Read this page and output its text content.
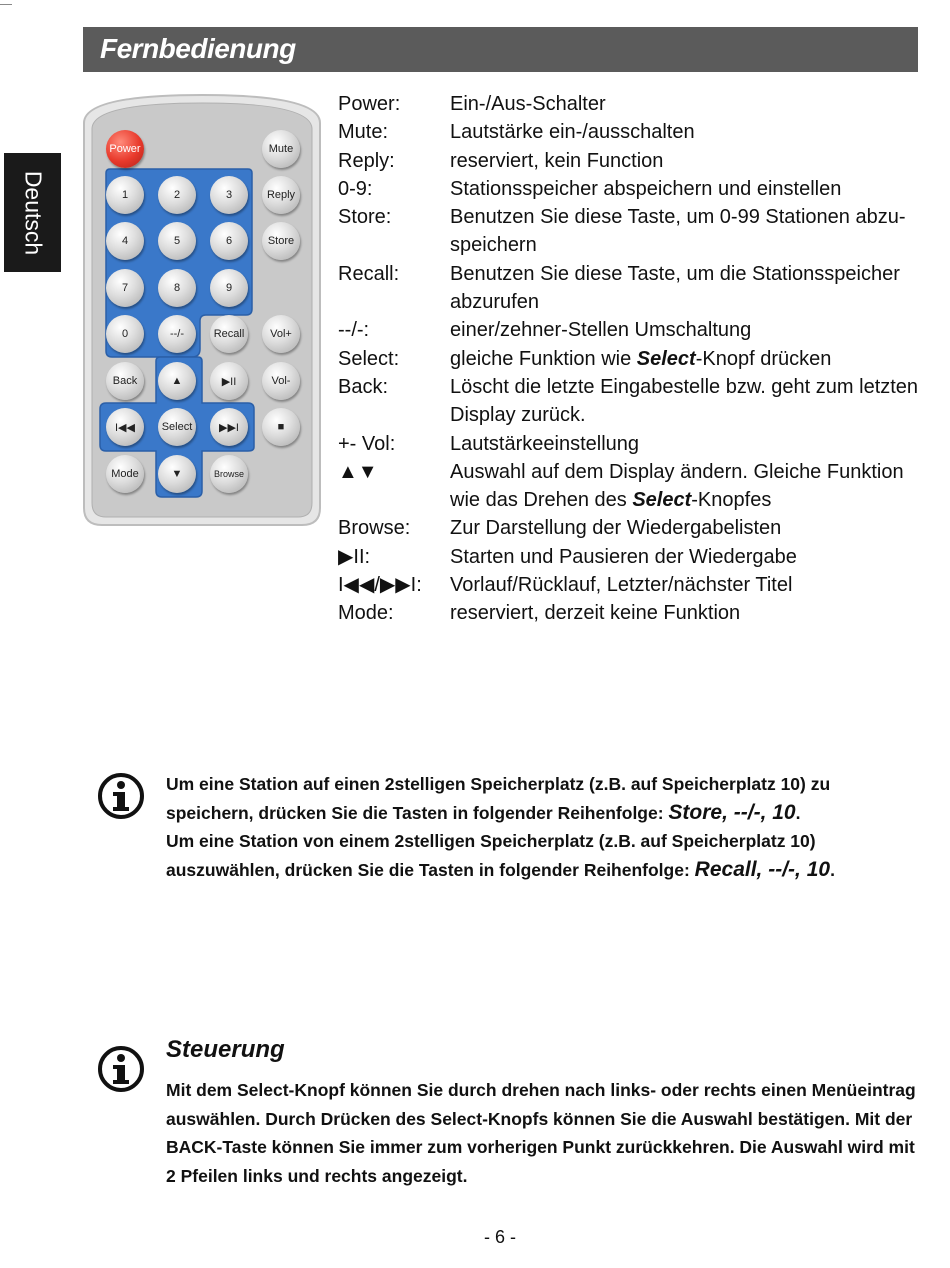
Deutsch
Fernbedienung
Power	Mute
1	2	3	Reply
4	5	6	Store
7	8	9
0	--/-	Recall	Vol+
Back	▲	▶II	Vol-
I◀◀	Select	▶▶I	■
Mode	▼	Browse
Power:	Ein-/Aus-Schalter
Mute:	Lautstärke ein-/ausschalten
Reply:	reserviert, kein Function
0-9:	Stationsspeicher abspeichern und einstellen
Store:	Benutzen Sie diese Taste, um 0-99 Stationen abzu-speichern
Recall:	Benutzen Sie diese Taste, um die Stationsspeicher abzurufen
--/-:	einer/zehner-Stellen Umschaltung
Select:	gleiche Funktion wie Select-Knopf drücken
Back:	Löscht die letzte Eingabestelle bzw. geht zum letzten Display zurück.
+- Vol:	Lautstärkeeinstellung
▲▼	Auswahl auf dem Display ändern. Gleiche Funktion wie das Drehen des Select-Knopfes
Browse:	Zur Darstellung der Wiedergabelisten
▶II:	Starten und Pausieren der Wiedergabe
I◀◀/▶▶I:	Vorlauf/Rücklauf, Letzter/nächster Titel
Mode:	reserviert, derzeit keine Funktion
Um eine Station auf einen 2stelligen Speicherplatz (z.B. auf Speicherplatz 10) zu speichern, drücken Sie die Tasten in folgender Reihenfolge: Store, --/-, 10.
Um eine Station von einem 2stelligen Speicherplatz (z.B. auf Speicherplatz 10) auszuwählen, drücken Sie die Tasten in folgender Reihenfolge: Recall, --/-, 10.
Steuerung
Mit dem Select-Knopf können Sie durch drehen nach links- oder rechts einen Menüeintrag auswählen. Durch Drücken des Select-Knopfs können Sie die Auswahl bestätigen. Mit der BACK-Taste können Sie immer zum vorherigen Punkt zurückkehren. Die Auswahl wird mit 2 Pfeilen links und rechts angezeigt.
- 6 -
